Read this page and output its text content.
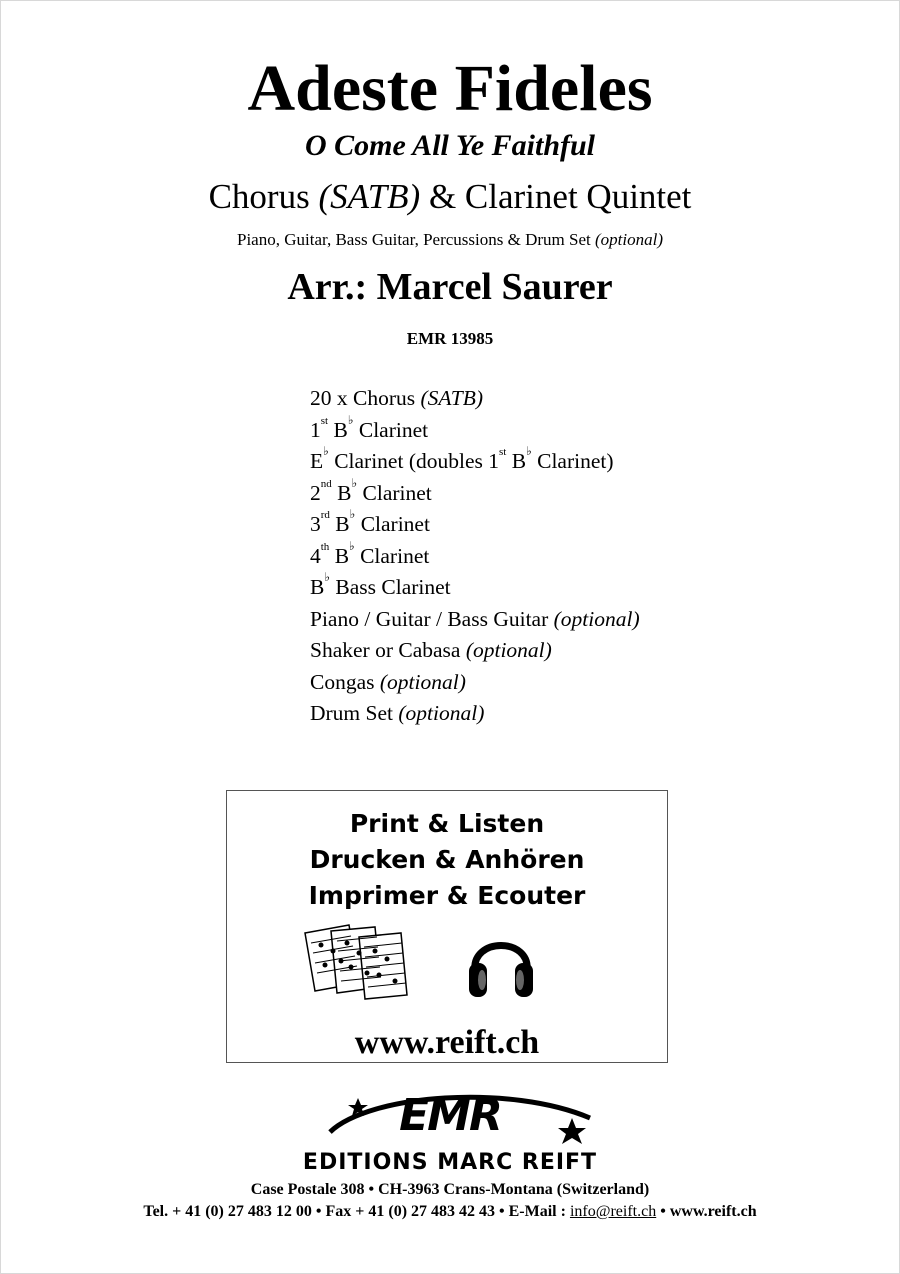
Adeste Fideles
O Come All Ye Faithful
Chorus (SATB) & Clarinet Quintet
Piano, Guitar, Bass Guitar, Percussions & Drum Set (optional)
Arr.: Marcel Saurer
EMR 13985
20 x Chorus (SATB)
1st B♭ Clarinet
E♭ Clarinet (doubles 1st B♭ Clarinet)
2nd B♭ Clarinet
3rd B♭ Clarinet
4th B♭ Clarinet
B♭ Bass Clarinet
Piano / Guitar / Bass Guitar (optional)
Shaker or Cabasa (optional)
Congas (optional)
Drum Set (optional)
Print & Listen
Drucken & Anhören
Imprimer & Ecouter
www.reift.ch
EMR
EDITIONS MARC REIFT
Case Postale 308 • CH-3963 Crans-Montana (Switzerland)
Tel. + 41 (0) 27 483 12 00 • Fax + 41 (0) 27 483 42 43 • E-Mail : info@reift.ch • www.reift.ch
